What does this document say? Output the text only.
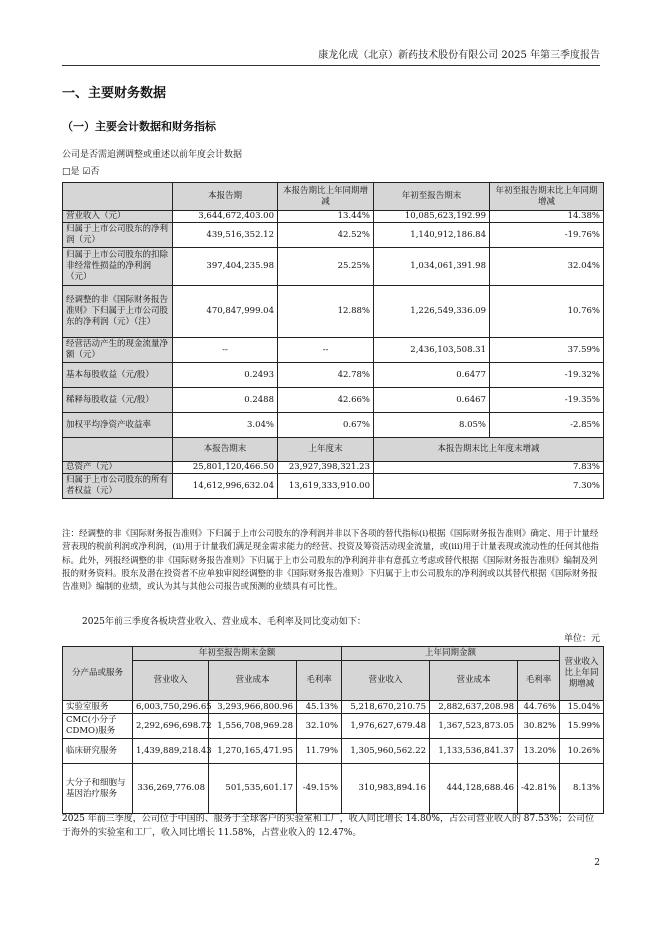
康龙化成（北京）新药技术股份有限公司 2025 年第三季度报告
一、主要财务数据
（一）主要会计数据和财务指标
公司是否需追溯调整或重述以前年度会计数据
□是 ☑否
	本报告期	本报告期比上年同期增减	年初至报告期末	年初至报告期末比上年同期增减
营业收入（元）	3,644,672,403.00	13.44%	10,085,623,192.99	14.38%
归属于上市公司股东的净利润（元）	439,516,352.12	42.52%	1,140,912,186.84	-19.76%
归属于上市公司股东的扣除非经常性损益的净利润（元）	397,404,235.98	25.25%	1,034,061,391.98	32.04%
经调整的非《国际财务报告准则》下归属于上市公司股东的净利润（元）（注）	470,847,999.04	12.88%	1,226,549,336.09	10.76%
经营活动产生的现金流量净额（元）	--	--	2,436,103,508.31	37.59%
基本每股收益（元/股）	0.2493	42.78%	0.6477	-19.32%
稀释每股收益（元/股）	0.2488	42.66%	0.6467	-19.35%
加权平均净资产收益率	3.04%	0.67%	8.05%	-2.85%
	本报告期末	上年度末	本报告期末比上年度末增减	
总资产（元）	25,801,120,466.50	23,927,398,321.23	7.83%	
归属于上市公司股东的所有者权益（元）	14,612,996,632.04	13,619,333,910.00	7.30%	
注：经调整的非《国际财务报告准则》下归属于上市公司股东的净利润并非以下各项的替代指标(i)根据《国际财务报告准则》确定、用于计量经营表现的税前利润或净利润，(ii)用于计量我们满足现金需求能力的经营、投资及筹资活动现金流量，或(iii)用于计量表现或流动性的任何其他指标。此外，列报经调整的非《国际财务报告准则》下归属于上市公司股东的净利润并非有意孤立考虑或替代根据《国际财务报告准则》编制及列报的财务资料。股东及潜在投资者不应单独审阅经调整的非《国际财务报告准则》下归属于上市公司股东的净利润或以其替代根据《国际财务报告准则》编制的业绩，或认为其与其他公司报告或预测的业绩具有可比性。
2025年前三季度各板块营业收入、营业成本、毛利率及同比变动如下：
单位：元
分产品或服务	年初至报告期末金额			上年同期金额			营业收入比上年同期增减
	营业收入	营业成本	毛利率	营业收入	营业成本	毛利率	
实验室服务	6,003,750,296.65	3,293,966,800.96	45.13%	5,218,670,210.75	2,882,637,208.98	44.76%	15.04%
CMC(小分子CDMO)服务	2,292,696,698.72	1,556,708,969.28	32.10%	1,976,627,679.48	1,367,523,873.05	30.82%	15.99%
临床研究服务	1,439,889,218.43	1,270,165,471.95	11.79%	1,305,960,562.22	1,133,536,841.37	13.20%	10.26%
大分子和细胞与基因治疗服务	336,269,776.08	501,535,601.17	-49.15%	310,983,894.16	444,128,688.46	-42.81%	8.13%
2025 年前三季度，公司位于中国的、服务于全球客户的实验室和工厂，收入同比增长 14.80%，占公司营业收入的 87.53%；公司位于海外的实验室和工厂，收入同比增长 11.58%，占营业收入的 12.47%。
2
